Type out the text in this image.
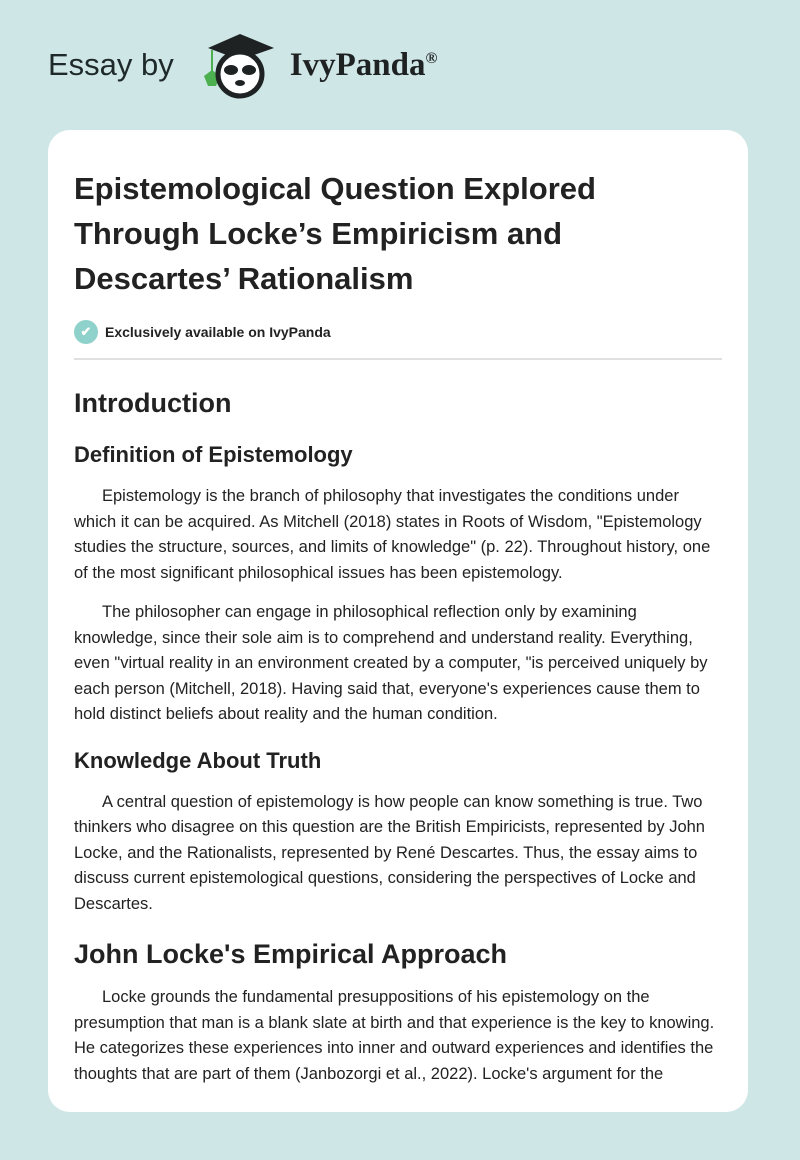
Essay by	IvyPanda®
Epistemological Question Explored Through Locke’s Empiricism and Descartes’ Rationalism
✔ Exclusively available on IvyPanda
Introduction
Definition of Epistemology

Epistemology is the branch of philosophy that investigates the conditions under which it can be acquired. As Mitchell (2018) states in Roots of Wisdom, "Epistemology studies the structure, sources, and limits of knowledge" (p. 22). Throughout history, one of the most significant philosophical issues has been epistemology.

The philosopher can engage in philosophical reflection only by examining knowledge, since their sole aim is to comprehend and understand reality. Everything, even "virtual reality in an environment created by a computer, "is perceived uniquely by each person (Mitchell, 2018). Having said that, everyone's experiences cause them to hold distinct beliefs about reality and the human condition.

Knowledge About Truth

A central question of epistemology is how people can know something is true. Two thinkers who disagree on this question are the British Empiricists, represented by John Locke, and the Rationalists, represented by René Descartes. Thus, the essay aims to discuss current epistemological questions, considering the perspectives of Locke and Descartes.

John Locke's Empirical Approach

Locke grounds the fundamental presuppositions of his epistemology on the presumption that man is a blank slate at birth and that experience is the key to knowing. He categorizes these experiences into inner and outward experiences and identifies the thoughts that are part of them (Janbozorgi et al., 2022). Locke's argument for the
